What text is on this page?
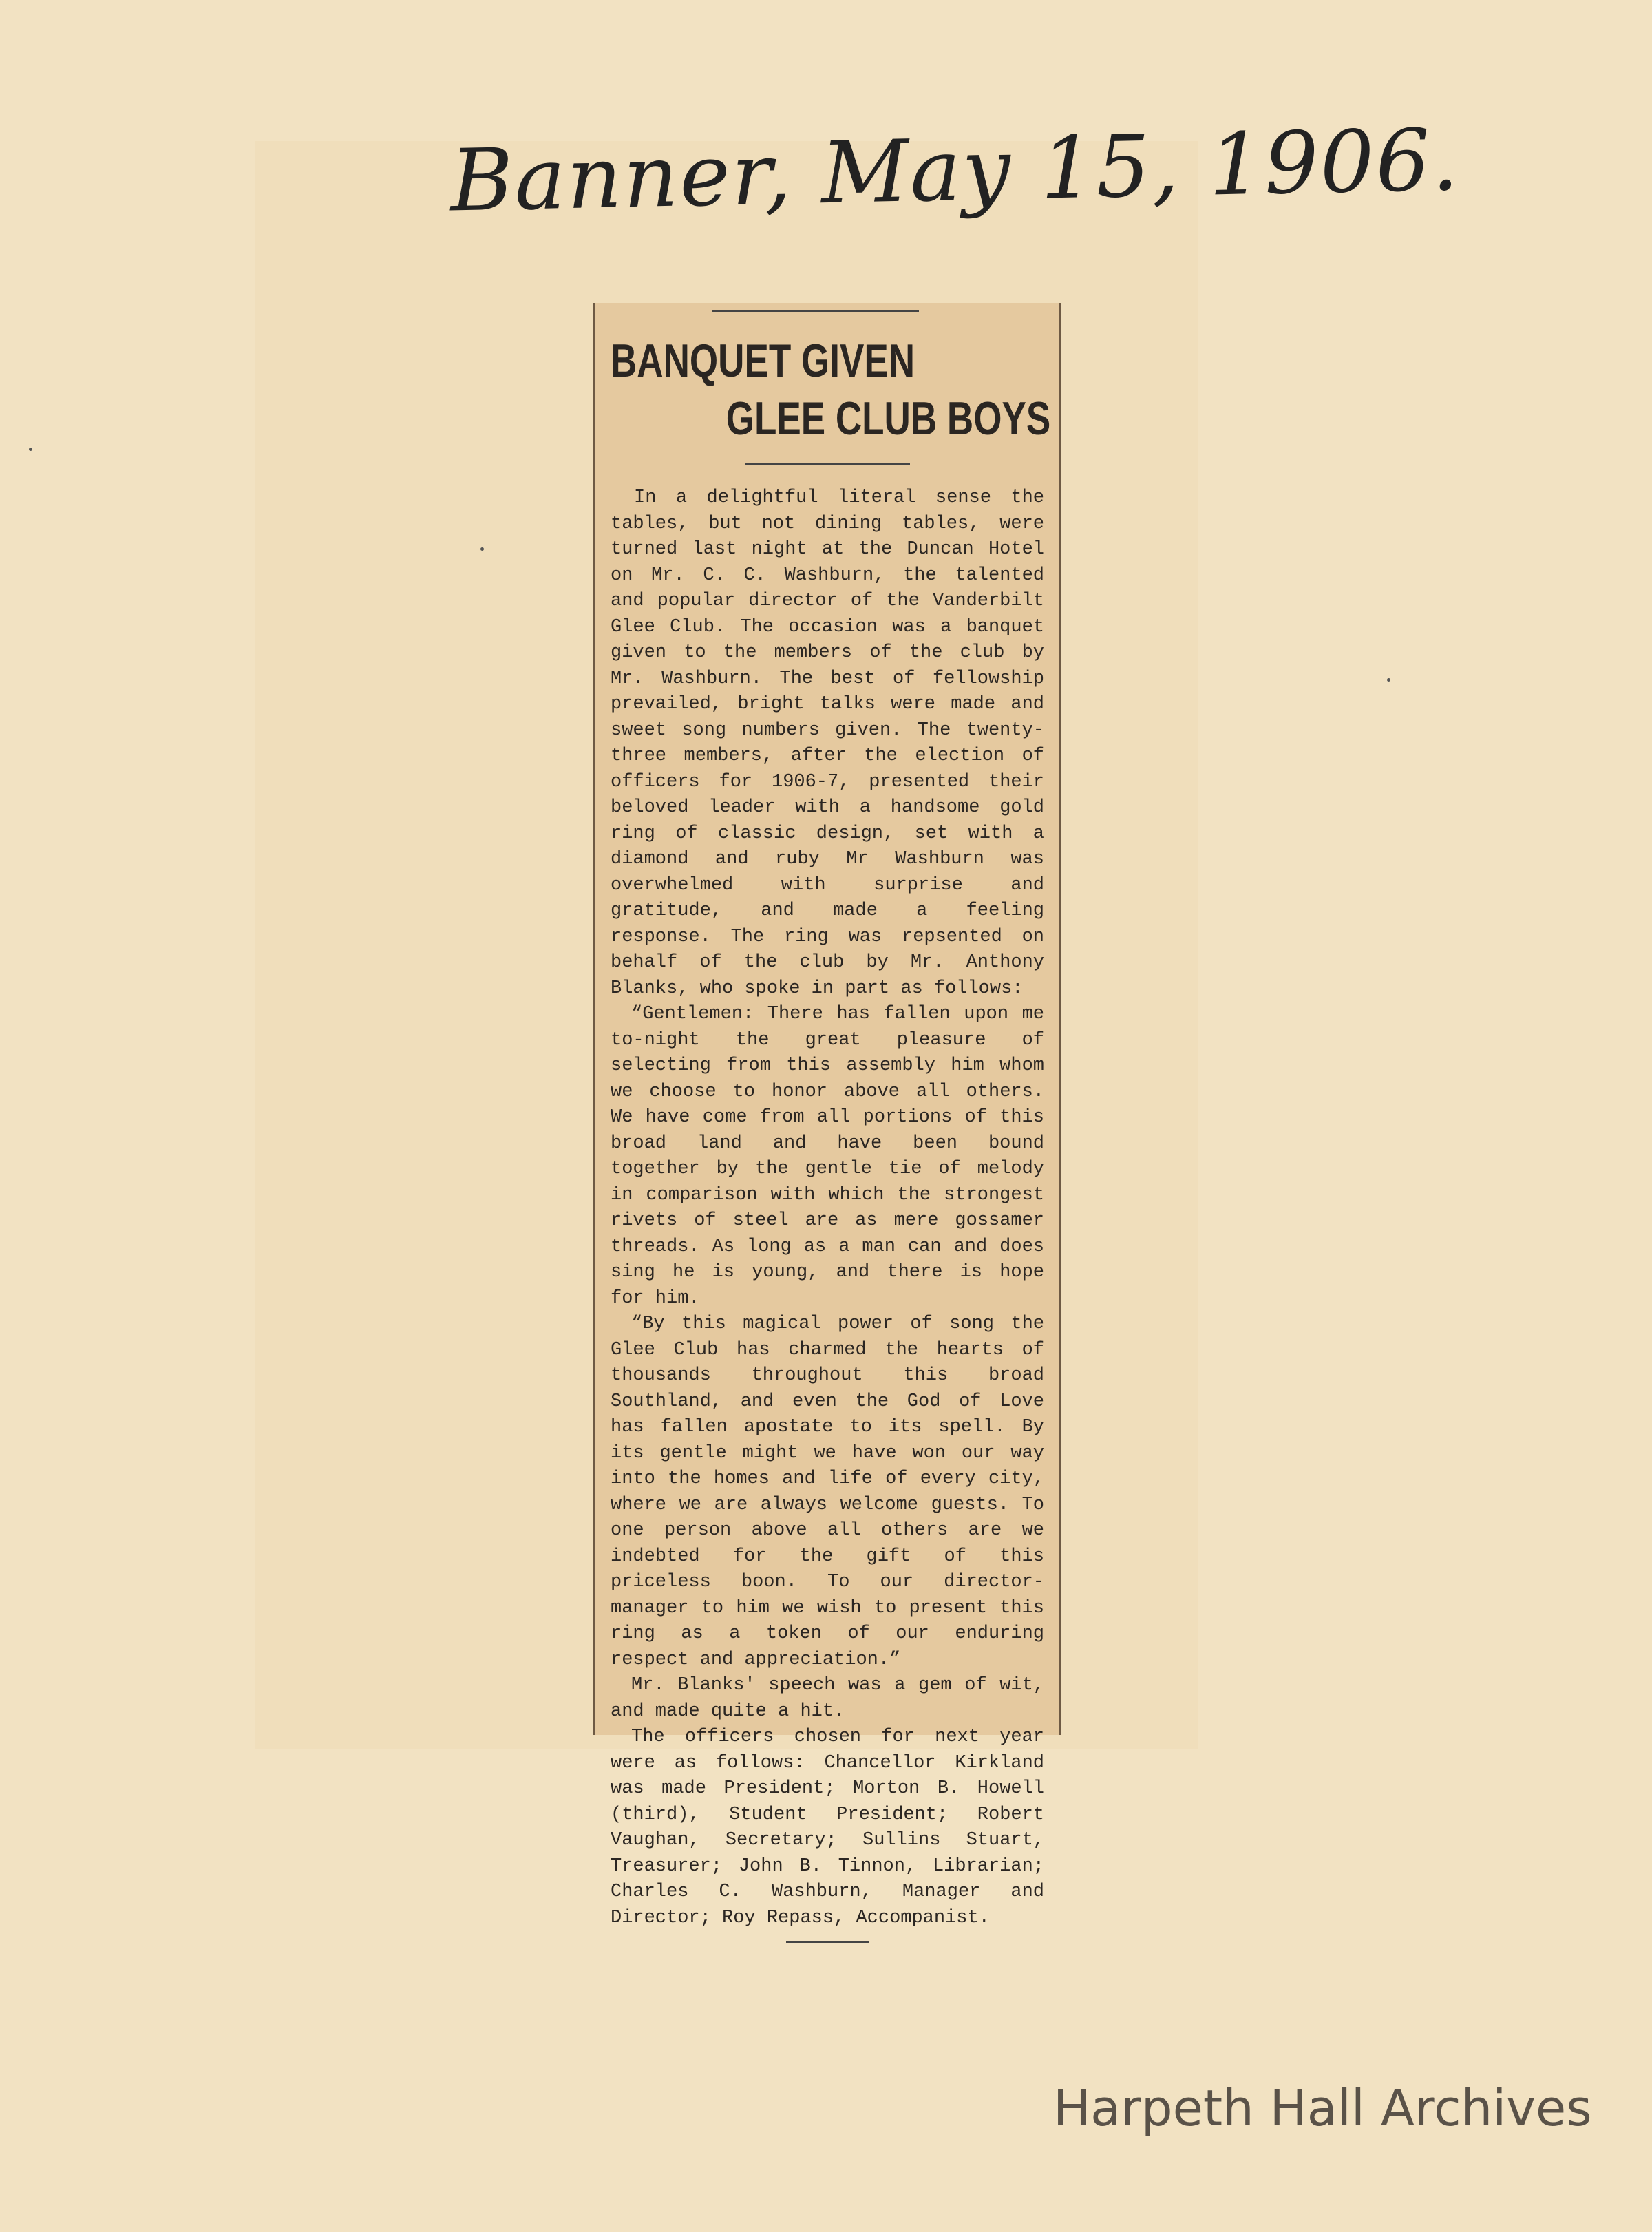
Banner, May 15, 1906.
BANQUET GIVEN
GLEE CLUB BOYS

In a delightful literal sense the tables, but not dining tables, were turned last night at the Duncan Hotel on Mr. C. C. Washburn, the talented and popular director of the Vanderbilt Glee Club. The occasion was a banquet given to the members of the club by Mr. Washburn. The best of fellowship prevailed, bright talks were made and sweet song numbers given. The twenty-three members, after the election of officers for 1906-7, presented their beloved leader with a handsome gold ring of classic design, set with a diamond and ruby Mr Washburn was overwhelmed with surprise and gratitude, and made a feeling response. The ring was repsented on behalf of the club by Mr. Anthony Blanks, who spoke in part as follows:

“Gentlemen: There has fallen upon me to-night the great pleasure of selecting from this assembly him whom we choose to honor above all others. We have come from all portions of this broad land and have been bound together by the gentle tie of melody in comparison with which the strongest rivets of steel are as mere gossamer threads. As long as a man can and does sing he is young, and there is hope for him.

“By this magical power of song the Glee Club has charmed the hearts of thousands throughout this broad Southland, and even the God of Love has fallen apostate to its spell. By its gentle might we have won our way into the homes and life of every city, where we are always welcome guests. To one person above all others are we indebted for the gift of this priceless boon. To our director-manager to him we wish to present this ring as a token of our enduring respect and appreciation.”

Mr. Blanks' speech was a gem of wit, and made quite a hit.

The officers chosen for next year were as follows: Chancellor Kirkland was made President; Morton B. Howell (third), Student President; Robert Vaughan, Secretary; Sullins Stuart, Treasurer; John B. Tinnon, Librarian; Charles C. Washburn, Manager and Director; Roy Repass, Accompanist.

Harpeth Hall Archives
